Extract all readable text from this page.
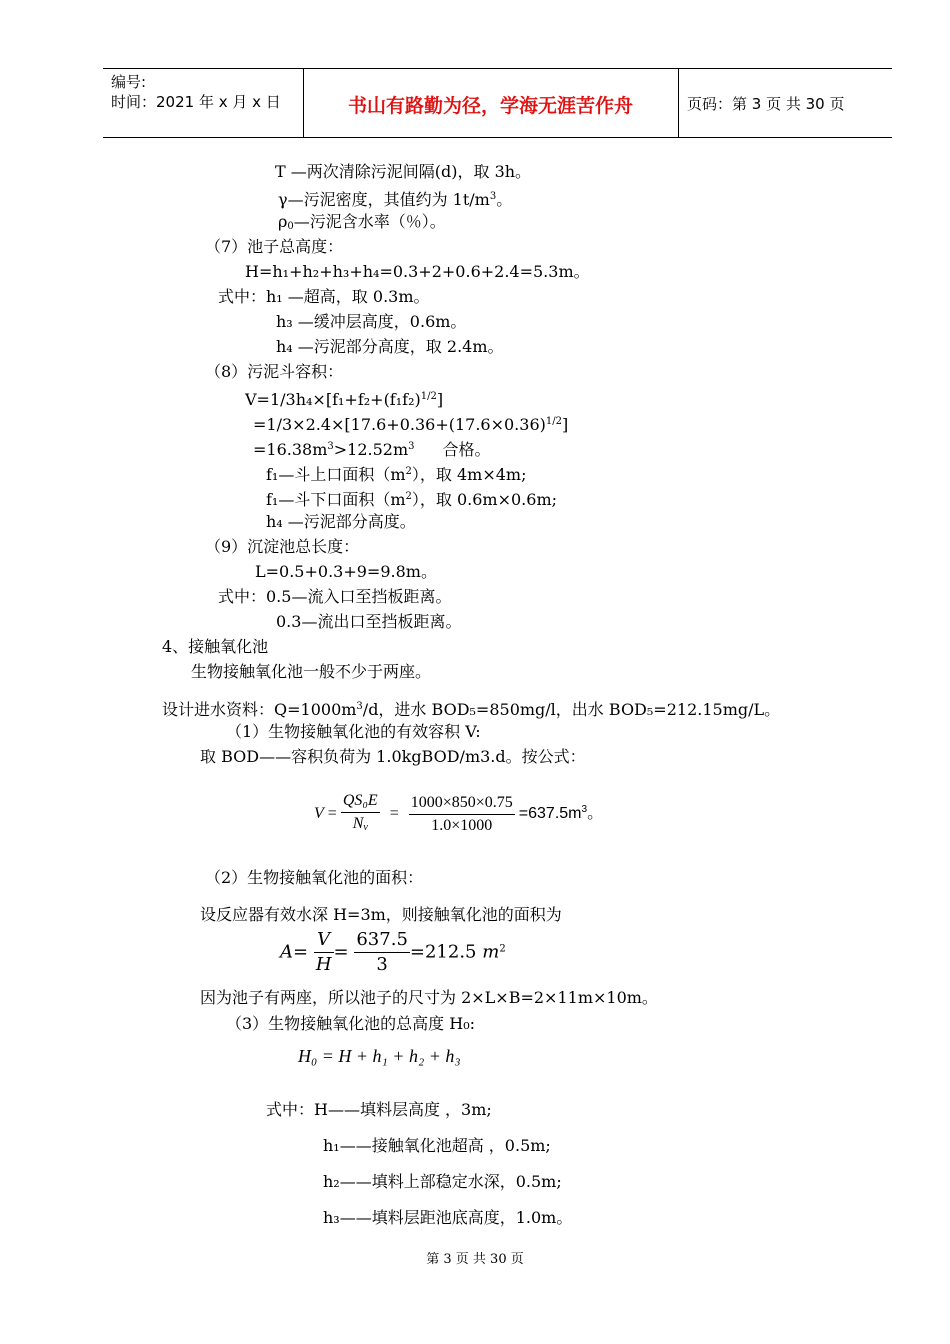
编号:
时间：2021 年 x 月 x 日	书山有路勤为径，学海无涯苦作舟	页码：第 3 页 共 30 页
T —两次清除污泥间隔(d)，取 3h。
γ—污泥密度，其值约为 $1t/m^3$。
$\rho_0—$污泥含水率（％）。
（7）池子总高度：
H=h₁+h₂+h₃+h₄=0.3+2+0.6+2.4=5.3m。
式中：h₁ —超高，取 0.3m。
h₃ —缓冲层高度，0.6m。
h₄ —污泥部分高度，取 2.4m。
（8）污泥斗容积：
$V=1/3h_4\times[f_1+f_2+(f_1f_2)^{1/2}]$
$=1/3\times 2.4\times[17.6+0.36+(17.6\times 0.36)^{1/2}]$
$=16.38m^3>12.52m^3$ 合格。
f₁—斗上口面积$(m^2)$，取 4m×4m;
f₁—斗下口面积$(m^2)$，取 0.6m×0.6m;
h₄ —污泥部分高度。
（9）沉淀池总长度：
L=0.5+0.3+9=9.8m。
式中：0.5—流入口至挡板距离。
0.3—流出口至挡板距离。
4、接触氧化池
生物接触氧化池一般不少于两座。
设计进水资料：$Q=1000m^3/d$，进水 BOD₅=850mg/l，出水 BOD₅=212.15mg/L。
（1）生物接触氧化池的有效容积 V:
取 BOD——容积负荷为 1.0kgBOD/m3.d。按公式：
$V = \frac{\text{QS₀E}}{N_v} = \frac{1000\times 850\times 0.75}{1.0\times 1000} =637.5m^3$。
（2）生物接触氧化池的面积：
设反应器有效水深 H=3m，则接触氧化池的面积为
$A= \frac{V}{H} = \frac{637.5}{3} =212.5$ $m^2$
因为池子有两座，所以池子的尺寸为 2×L×B=2×11m×10m。
（3）生物接触氧化池的总高度 H₀:
H₀ = H + h₁ + h₂ + h₃
式中：H——填料层高度 ，3m;
h₁——接触氧化池超高 ，0.5m;
h₂——填料上部稳定水深，0.5m;
h₃——填料层距池底高度，1.0m。
第 3 页 共 30 页
